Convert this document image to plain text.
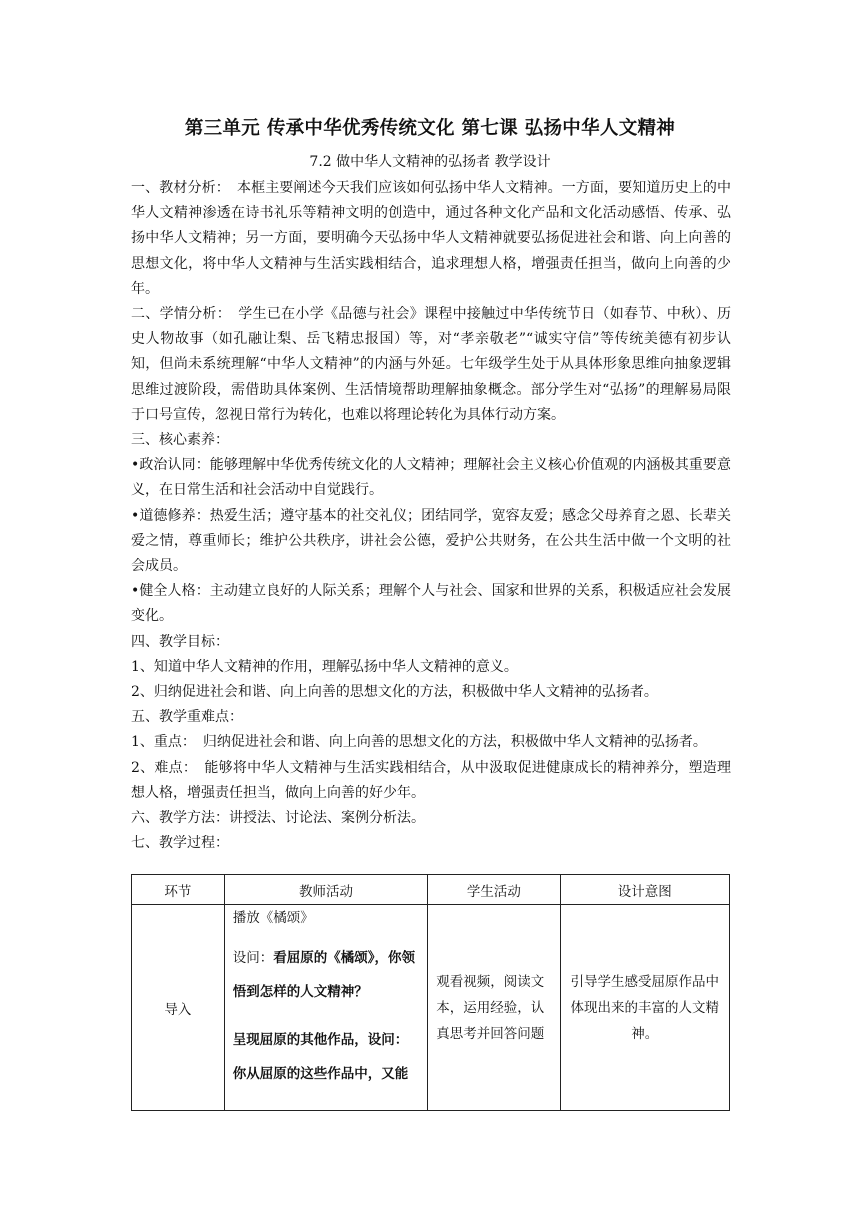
第三单元 传承中华优秀传统文化 第七课 弘扬中华人文精神
7.2 做中华人文精神的弘扬者 教学设计

一、教材分析：　本框主要阐述今天我们应该如何弘扬中华人文精神。一方面，要知道历史上的中华人文精神渗透在诗书礼乐等精神文明的创造中，通过各种文化产品和文化活动感悟、传承、弘扬中华人文精神；另一方面，要明确今天弘扬中华人文精神就要弘扬促进社会和谐、向上向善的思想文化，将中华人文精神与生活实践相结合，追求理想人格，增强责任担当，做向上向善的少年。

二、学情分析：　学生已在小学《品德与社会》课程中接触过中华传统节日（如春节、中秋）、历史人物故事（如孔融让梨、岳飞精忠报国）等，对“孝亲敬老”“诚实守信”等传统美德有初步认知，但尚未系统理解“中华人文精神”的内涵与外延。七年级学生处于从具体形象思维向抽象逻辑思维过渡阶段，需借助具体案例、生活情境帮助理解抽象概念。部分学生对“弘扬”的理解易局限于口号宣传，忽视日常行为转化，也难以将理论转化为具体行动方案。

三、核心素养：

•政治认同：能够理解中华优秀传统文化的人文精神；理解社会主义核心价值观的内涵极其重要意义，在日常生活和社会活动中自觉践行。

•道德修养：热爱生活；遵守基本的社交礼仪；团结同学，宽容友爱；感念父母养育之恩、长辈关爱之情，尊重师长；维护公共秩序，讲社会公德，爱护公共财务，在公共生活中做一个文明的社会成员。

•健全人格：主动建立良好的人际关系；理解个人与社会、国家和世界的关系，积极适应社会发展变化。

四、教学目标：

1、知道中华人文精神的作用，理解弘扬中华人文精神的意义。

2、归纳促进社会和谐、向上向善的思想文化的方法，积极做中华人文精神的弘扬者。

五、教学重难点：

1、重点：　归纳促进社会和谐、向上向善的思想文化的方法，积极做中华人文精神的弘扬者。

2、难点：　能够将中华人文精神与生活实践相结合，从中汲取促进健康成长的精神养分，塑造理想人格，增强责任担当，做向上向善的好少年。

六、教学方法：讲授法、讨论法、案例分析法。

七、教学过程：

环节	教师活动	学生活动	设计意图
导入	播放《橘颂》

设问：看屈原的《橘颂》，你领悟到怎样的人文精神？

呈现屈原的其他作品，设问：你从屈原的这些作品中，又能	观看视频，阅读文本，运用经验，认真思考并回答问题	引导学生感受屈原作品中体现出来的丰富的人文精神。
